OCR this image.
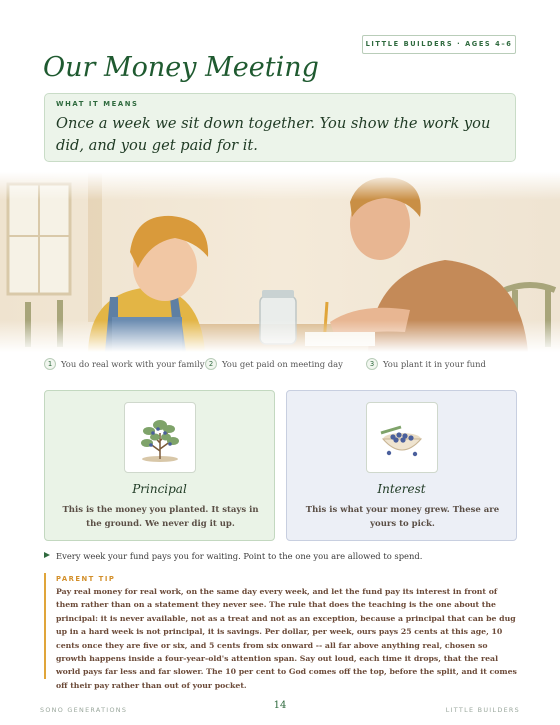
LITTLE BUILDERS · AGES 4–6
Our Money Meeting
WHAT IT MEANS
Once a week we sit down together. You show the work you did, and you get paid for it.
1	You do real work with your family 2	You get paid on meeting day	3	You plant it in your fund
Principal
This is the money you planted. It stays in the ground. We never dig it up.
Interest
This is what your money grew. These are yours to pick.
Every week your fund pays you for waiting. Point to the one you are allowed to spend.
PARENT TIP
Pay real money for real work, on the same day every week, and let the fund pay its interest in front of them rather than on a statement they never see. The rule that does the teaching is the one about the principal: it is never available, not as a treat and not as an exception, because a principal that can be dug up in a hard week is not principal, it is savings. Per dollar, per week, ours pays 25 cents at this age, 10 cents once they are five or six, and 5 cents from six onward -- all far above anything real, chosen so growth happens inside a four-year-old's attention span. Say out loud, each time it drops, that the real world pays far less and far slower. The 10 per cent to God comes off the top, before the split, and it comes off their pay rather than out of your pocket.
SONO GENERATIONS	14	LITTLE BUILDERS
